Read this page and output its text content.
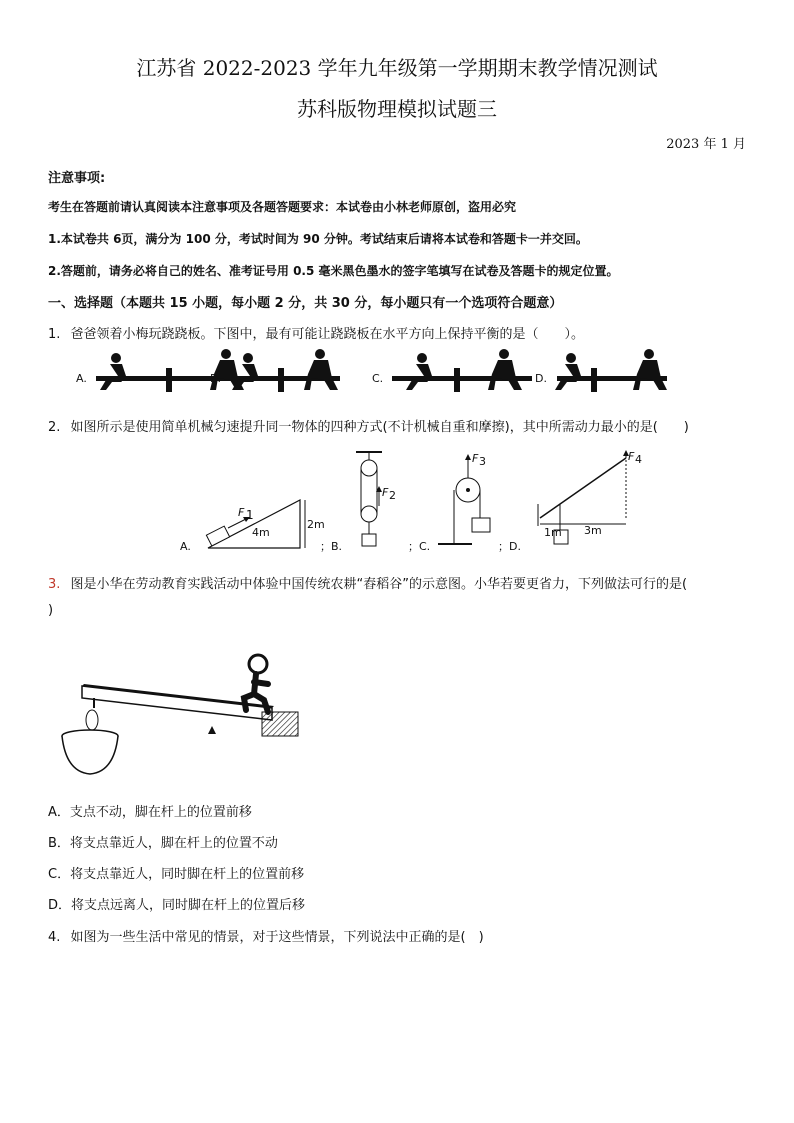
江苏省 2022-2023 学年九年级第一学期期末教学情况测试
苏科版物理模拟试题三
2023 年 1 月
注意事项:
考生在答题前请认真阅读本注意事项及各题答题要求：本试卷由小林老师原创，盗用必究
1.本试卷共 6页，满分为 100 分，考试时间为 90 分钟。考试结束后请将本试卷和答题卡一并交回。
2.答题前，请务必将自己的姓名、准考证号用 0.5 毫米黑色墨水的签字笔填写在试卷及答题卡的规定位置。
一、选择题（本题共 15 小题，每小题 2 分，共 30 分，每小题只有一个选项符合题意）
1. 爸爸领着小梅玩跷跷板。下图中，最有可能让跷跷板在水平方向上保持平衡的是（　　）。
A.	B.	C.	D.
2. 如图所示是使用简单机械匀速提升同一物体的四种方式(不计机械自重和摩擦)，其中所需动力最小的是(　　)
A.
F 1
4m
2m
；B.
F 2
；C.
F 3
；D.
F 4
1m 3m
3. 图是小华在劳动教育实践活动中体验中国传统农耕“舂稻谷”的示意图。小华若要更省力，下列做法可行的是(
)
A．支点不动，脚在杆上的位置前移
B．将支点靠近人，脚在杆上的位置不动
C．将支点靠近人，同时脚在杆上的位置前移
D．将支点远离人，同时脚在杆上的位置后移
4. 如图为一些生活中常见的情景，对于这些情景，下列说法中正确的是(　)
